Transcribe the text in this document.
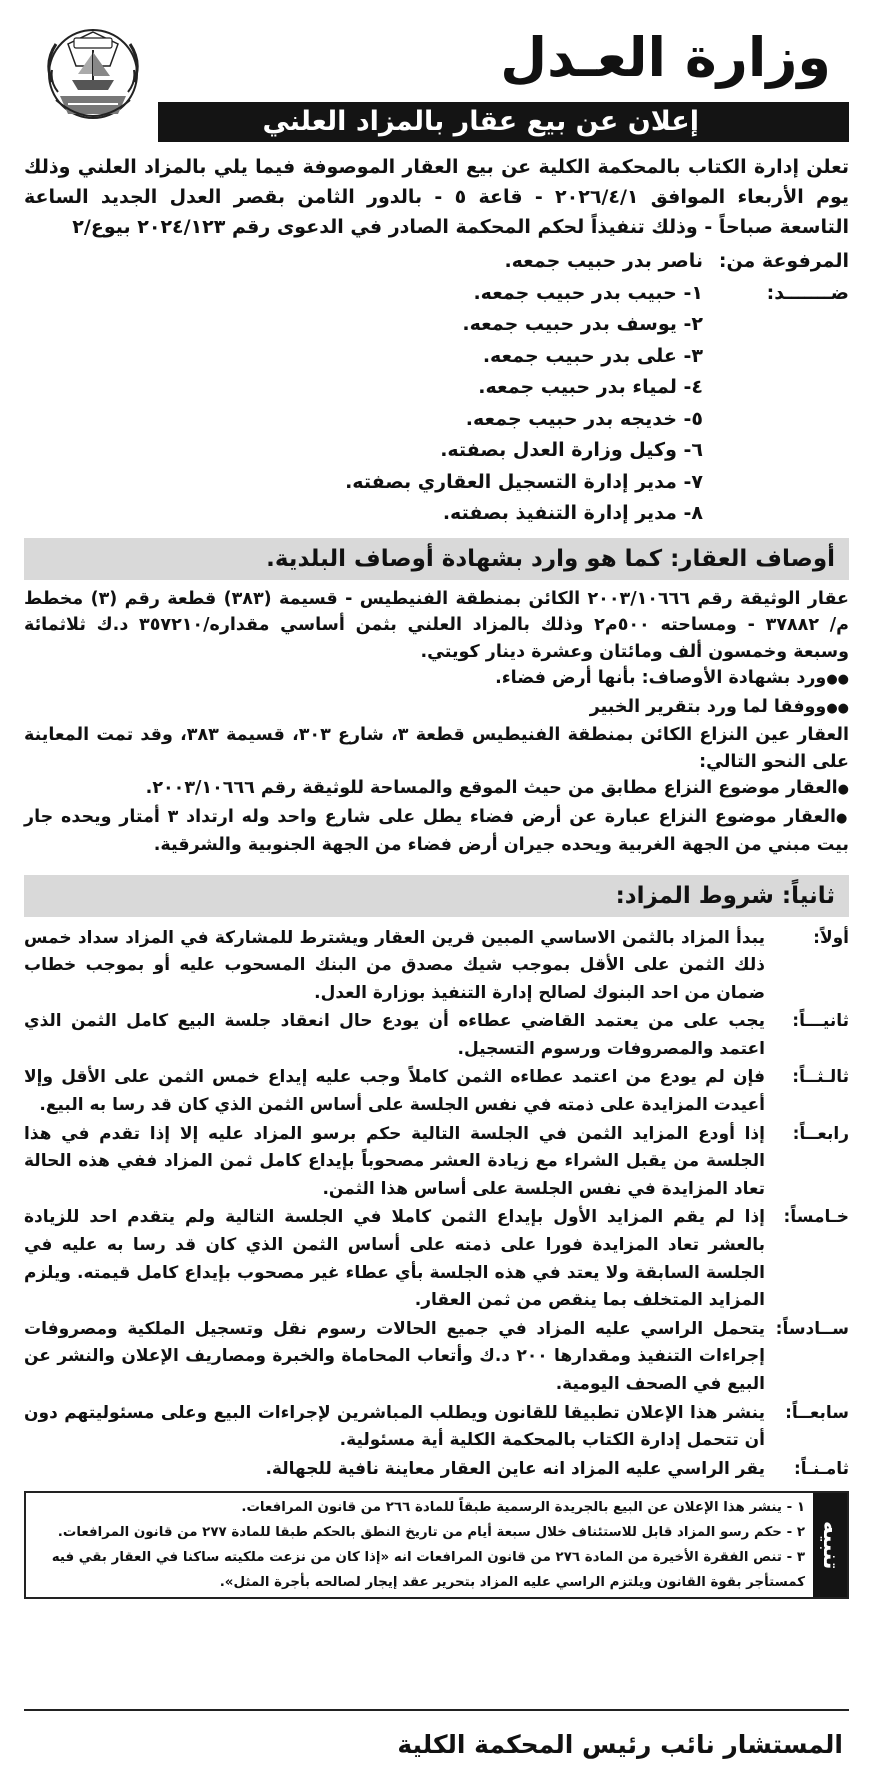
وزارة العـدل
إعلان عن بيع عقار بالمزاد العلني
تعلن إدارة الكتاب بالمحكمة الكلية عن بيع العقار الموصوفة فيما يلي بالمزاد العلني وذلك يوم الأربعاء الموافق ٢٠٢٦/٤/١ - قاعة ٥ - بالدور الثامن بقصر العدل الجديد الساعة التاسعة صباحاً - وذلك تنفيذاً لحكم المحكمة الصادر في الدعوى رقم ٢٠٢٤/١٢٣ بيوع/٢
المرفوعة من:
ناصر بدر حبيب جمعه.
ضـــــــد:
١- حبيب بدر حبيب جمعه.
٢- يوسف بدر حبيب جمعه.
٣- على بدر حبيب جمعه.
٤- لمياء بدر حبيب جمعه.
٥- خديجه بدر حبيب جمعه.
٦- وكيل وزارة العدل بصفته.
٧- مدير إدارة التسجيل العقاري بصفته.
٨- مدير إدارة التنفيذ بصفته.
أوصاف العقار: كما هو وارد بشهادة أوصاف البلدية.

عقار الوثيقة رقم ٢٠٠٣/١٠٦٦٦ الكائن بمنطقة الفنيطيس - قسيمة (٣٨٣) قطعة رقم (٣) مخطط م/ ٣٧٨٨٢ - ومساحته ٥٠٠م٢ وذلك بالمزاد العلني بثمن أساسي مقداره/٣٥٧٢١٠ د.ك ثلاثمائة وسبعة وخمسون ألف ومائتان وعشرة دينار كويتي.

●● ورد بشهادة الأوصاف: بأنها أرض فضاء.

●● ووفقا لما ورد بتقرير الخبير

العقار عين النزاع الكائن بمنطقة الفنيطيس قطعة ٣، شارع ٣٠٣، قسيمة ٣٨٣، وقد تمت المعاينة على النحو التالي:

● العقار موضوع النزاع مطابق من حيث الموقع والمساحة للوثيقة رقم ٢٠٠٣/١٠٦٦٦.

● العقار موضوع النزاع عبارة عن أرض فضاء يطل على شارع واحد وله ارتداد ٣ أمتار ويحده جار بيت مبني من الجهة الغربية ويحده جيران أرض فضاء من الجهة الجنوبية والشرقية.

ثانياً: شروط المزاد:
أولاً:
يبدأ المزاد بالثمن الاساسي المبين قرين العقار ويشترط للمشاركة في المزاد سداد خمس ذلك الثمن على الأقل بموجب شيك مصدق من البنك المسحوب عليه أو بموجب خطاب ضمان من احد البنوك لصالح إدارة التنفيذ بوزارة العدل.
ثانيـــاً:
يجب على من يعتمد القاضي عطاءه أن يودع حال انعقاد جلسة البيع كامل الثمن الذي اعتمد والمصروفات ورسوم التسجيل.
ثالـثــاً:
فإن لم يودع من اعتمد عطاءه الثمن كاملاً وجب عليه إيداع خمس الثمن على الأقل وإلا أعيدت المزايدة على ذمته في نفس الجلسة على أساس الثمن الذي كان قد رسا به البيع.
رابعــاً:
إذا أودع المزايد الثمن في الجلسة التالية حكم برسو المزاد عليه إلا إذا تقدم في هذا الجلسة من يقبل الشراء مع زيادة العشر مصحوباً بإيداع كامل ثمن المزاد ففي هذه الحالة تعاد المزايدة في نفس الجلسة على أساس هذا الثمن.
خـامساً:
إذا لم يقم المزايد الأول بإيداع الثمن كاملا في الجلسة التالية ولم يتقدم احد للزيادة بالعشر تعاد المزايدة فورا على ذمته على أساس الثمن الذي كان قد رسا به عليه في الجلسة السابقة ولا يعتد في هذه الجلسة بأي عطاء غير مصحوب بإيداع كامل قيمته. ويلزم المزايد المتخلف بما ينقص من ثمن العقار.
ســادساً:
يتحمل الراسي عليه المزاد في جميع الحالات رسوم نقل وتسجيل الملكية ومصروفات إجراءات التنفيذ ومقدارها ٢٠٠ د.ك وأتعاب المحاماة والخبرة ومصاريف الإعلان والنشر عن البيع في الصحف اليومية.
سابعــاً:
ينشر هذا الإعلان تطبيقا للقانون ويطلب المباشرين لإجراءات البيع وعلى مسئوليتهم دون أن تتحمل إدارة الكتاب بالمحكمة الكلية أية مسئولية.
ثامـنـاً:
يقر الراسي عليه المزاد انه عاين العقار معاينة نافية للجهالة.
تنبيه
١ - ينشر هذا الإعلان عن البيع بالجريدة الرسمية طبقاً للمادة ٢٦٦ من قانون المرافعات.
٢ - حكم رسو المزاد قابل للاستئناف خلال سبعة أيام من تاريخ النطق بالحكم طبقا للمادة ٢٧٧ من قانون المرافعات.
٣ - تنص الفقرة الأخيرة من المادة ٢٧٦ من قانون المرافعات انه «إذا كان من نزعت ملكيته ساكنا في العقار بقي فيه كمستأجر بقوة القانون ويلتزم الراسي عليه المزاد بتحرير عقد إيجار لصالحه بأجرة المثل».
المستشار نائب رئيس المحكمة الكلية
